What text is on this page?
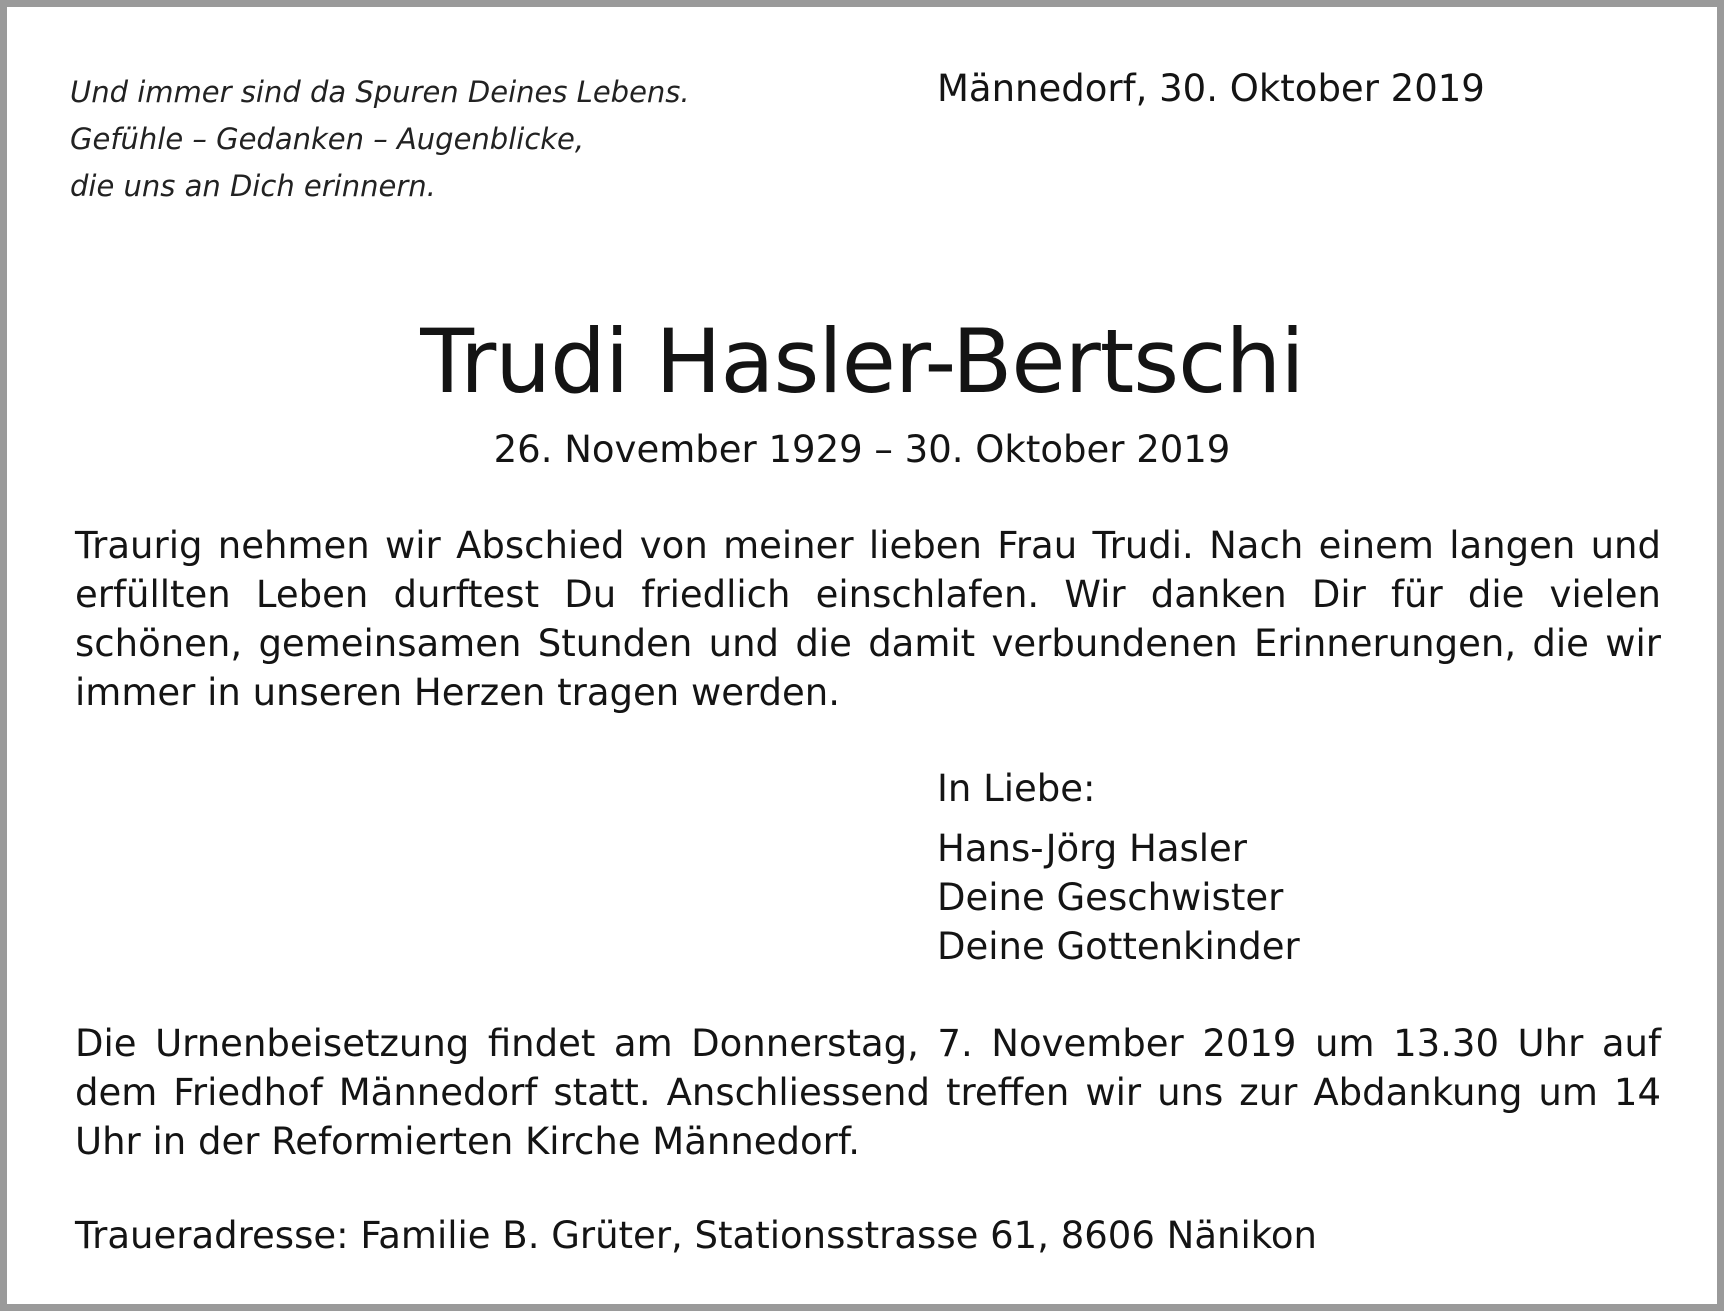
Und immer sind da Spuren Deines Lebens.
Gefühle – Gedanken – Augenblicke,
die uns an Dich erinnern.
Männedorf, 30. Oktober 2019
Trudi Hasler-Bertschi
26. November 1929 – 30. Oktober 2019
Traurig nehmen wir Abschied von meiner lieben Frau Trudi. Nach einem langen und erfüllten Leben durftest Du friedlich einschlafen. Wir danken Dir für die vielen schönen, gemeinsamen Stunden und die damit verbundenen Erinnerungen, die wir immer in unseren Herzen tragen werden.
In Liebe:
Hans-Jörg Hasler
Deine Geschwister
Deine Gottenkinder
Die Urnenbeisetzung findet am Donnerstag, 7. November 2019 um 13.30 Uhr auf dem Friedhof Männedorf statt. Anschliessend treffen wir uns zur Abdankung um 14 Uhr in der Reformierten Kirche Männedorf.
Traueradresse: Familie B. Grüter, Stationsstrasse 61, 8606 Nänikon
